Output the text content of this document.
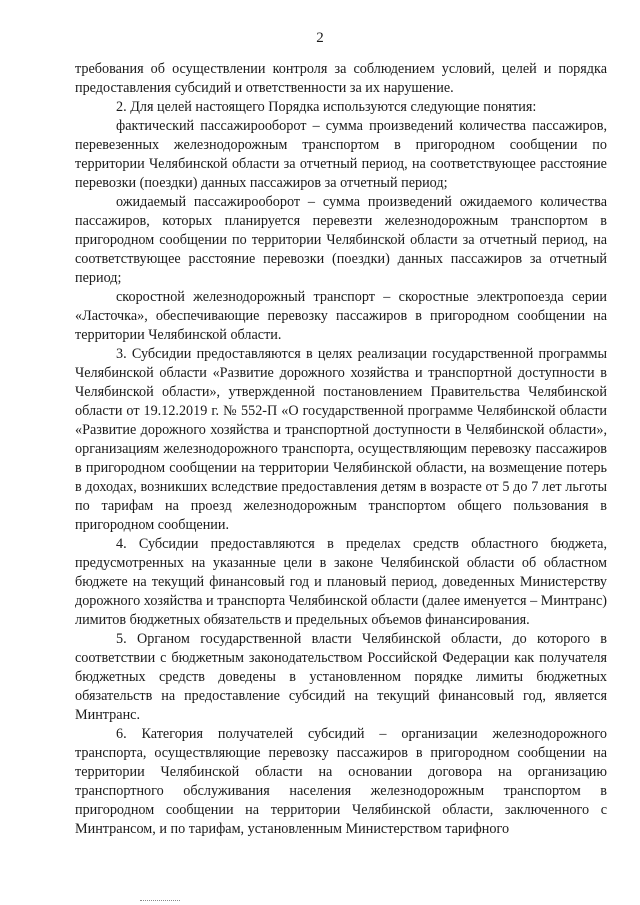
2

требования об осуществлении контроля за соблюдением условий, целей и порядка предоставления субсидий и ответственности за их нарушение.

2. Для целей настоящего Порядка используются следующие понятия:

фактический пассажирооборот – сумма произведений количества пассажиров, перевезенных железнодорожным транспортом в пригородном сообщении по территории Челябинской области за отчетный период, на соответствующее расстояние перевозки (поездки) данных пассажиров за отчетный период;

ожидаемый пассажирооборот – сумма произведений ожидаемого количества пассажиров, которых планируется перевезти железнодорожным транспортом в пригородном сообщении по территории Челябинской области за отчетный период, на соответствующее расстояние перевозки (поездки) данных пассажиров за отчетный период;

скоростной железнодорожный транспорт – скоростные электропоезда серии «Ласточка», обеспечивающие перевозку пассажиров в пригородном сообщении на территории Челябинской области.

3. Субсидии предоставляются в целях реализации государственной программы Челябинской области «Развитие дорожного хозяйства и транспортной доступности в Челябинской области», утвержденной постановлением Правительства Челябинской области от 19.12.2019 г. № 552-П «О государственной программе Челябинской области «Развитие дорожного хозяйства и транспортной доступности в Челябинской области», организациям железнодорожного транспорта, осуществляющим перевозку пассажиров в пригородном сообщении на территории Челябинской области, на возмещение потерь в доходах, возникших вследствие предоставления детям в возрасте от 5 до 7 лет льготы по тарифам на проезд железнодорожным транспортом общего пользования в пригородном сообщении.

4. Субсидии предоставляются в пределах средств областного бюджета, предусмотренных на указанные цели в законе Челябинской области об областном бюджете на текущий финансовый год и плановый период, доведенных Министерству дорожного хозяйства и транспорта Челябинской области (далее именуется – Минтранс) лимитов бюджетных обязательств и предельных объемов финансирования.

5. Органом государственной власти Челябинской области, до которого в соответствии с бюджетным законодательством Российской Федерации как получателя бюджетных средств доведены в установленном порядке лимиты бюджетных обязательств на предоставление субсидий на текущий финансовый год, является Минтранс.

6. Категория получателей субсидий – организации железнодорожного транспорта, осуществляющие перевозку пассажиров в пригородном сообщении на территории Челябинской области на основании договора на организацию транспортного обслуживания населения железнодорожным транспортом в пригородном сообщении на территории Челябинской области, заключенного с Минтрансом, и по тарифам, установленным Министерством тарифного
